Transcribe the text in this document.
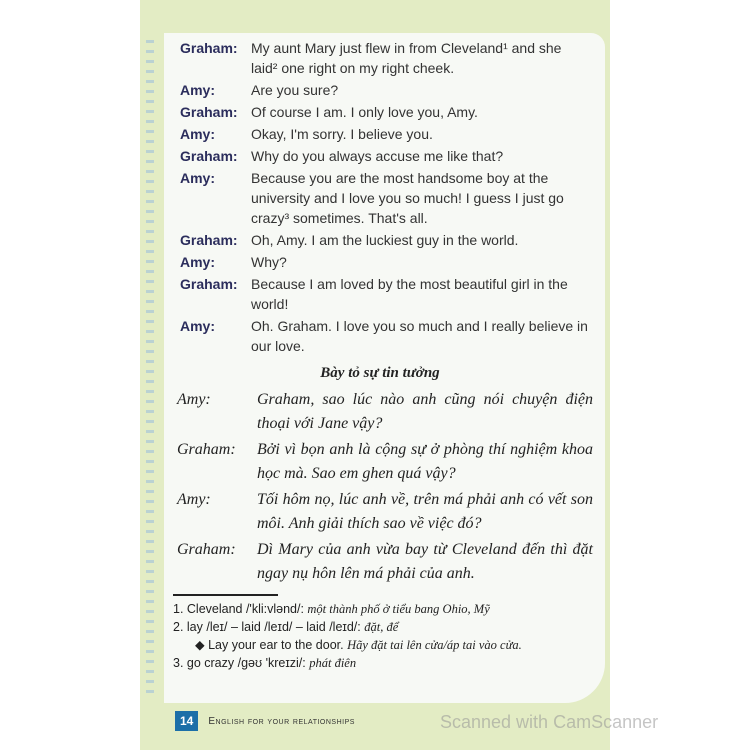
Graham: My aunt Mary just flew in from Cleveland¹ and she laid² one right on my right cheek.
Amy:	Are you sure?
Graham: Of course I am. I only love you, Amy.
Amy:	Okay, I'm sorry. I believe you.
Graham: Why do you always accuse me like that?
Amy:	Because you are the most handsome boy at the university and I love you so much! I guess I just go crazy³ sometimes. That's all.
Graham: Oh, Amy. I am the luckiest guy in the world.
Amy:	Why?
Graham: Because I am loved by the most beautiful girl in the world!
Amy:	Oh. Graham. I love you so much and I really believe in our love.
Bày tỏ sự tin tưởng
Amy:	Graham, sao lúc nào anh cũng nói chuyện điện thoại với Jane vậy?
Graham:	Bởi vì bọn anh là cộng sự ở phòng thí nghiệm khoa học mà. Sao em ghen quá vậy?
Amy:	Tối hôm nọ, lúc anh về, trên má phải anh có vết son môi. Anh giải thích sao về việc đó?
Graham:	Dì Mary của anh vừa bay từ Cleveland đến thì đặt ngay nụ hôn lên má phải của anh.
1. Cleveland /'kli:vlənd/: một thành phố ở tiểu bang Ohio, Mỹ
2. lay /leɪ/ – laid /leɪd/ – laid /leɪd/: đặt, để
◆ Lay your ear to the door. Hãy đặt tai lên cửa/áp tai vào cửa.
3. go crazy /gəʊ 'kreɪzi/: phát điên
14	English for your relationships	Scanned with CamScanner
